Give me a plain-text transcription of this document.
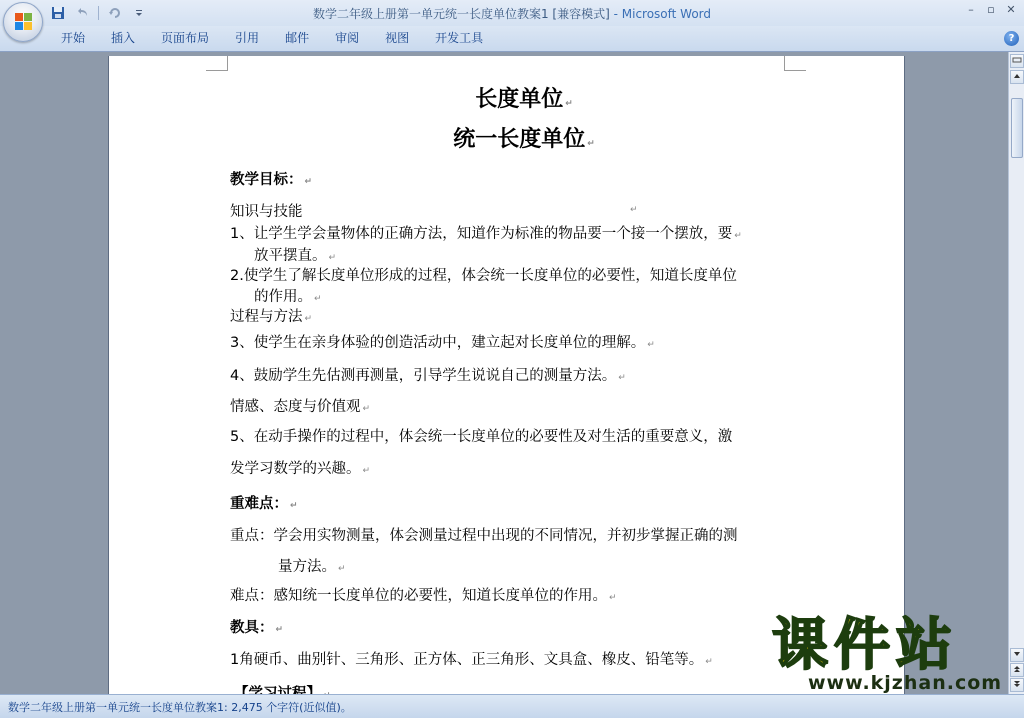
数学二年级上册第一单元统一长度单位教案1 [兼容模式] - Microsoft Word	–	▫	✕
开始	插入	页面布局	引用	邮件	审阅	视图	开发工具	?
长度单位 ↵
统一长度单位 ↵
教学目标： ↵
知识与技能	↵
1、让学生学会量物体的正确方法，知道作为标准的物品要一个接一个摆放，要 ↵
放平摆直。 ↵
2.使学生了解长度单位形成的过程，体会统一长度单位的必要性，知道长度单位
的作用。 ↵
过程与方法 ↵
3、使学生在亲身体验的创造活动中，建立起对长度单位的理解。 ↵
4、鼓励学生先估测再测量，引导学生说说自己的测量方法。 ↵
情感、态度与价值观 ↵
5、在动手操作的过程中，体会统一长度单位的必要性及对生活的重要意义，激
发学习数学的兴趣。 ↵
重难点： ↵
重点：学会用实物测量，体会测量过程中出现的不同情况，并初步掌握正确的测
量方法。 ↵
难点：感知统一长度单位的必要性，知道长度单位的作用。 ↵
教具： ↵
1角硬币、曲别针、三角形、正方体、正三角形、文具盒、橡皮、铅笔等。 ↵
数学二年级上册第一单元统一长度单位教案1: 2,475 个字符(近似值)。
课件站
www.kjzhan.com
